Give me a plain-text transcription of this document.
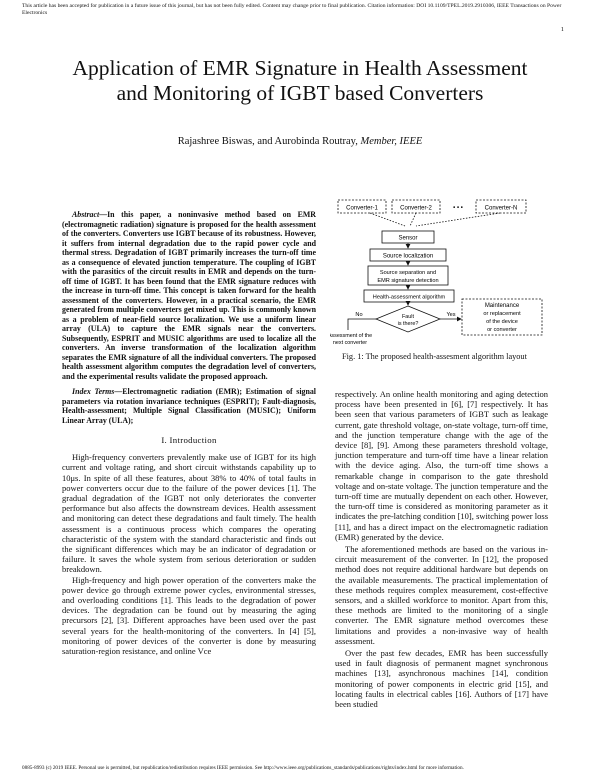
This article has been accepted for publication in a future issue of this journal, but has not been fully edited. Content may change prior to final publication. Citation information: DOI 10.1109/TPEL.2019.2910306, IEEE Transactions on Power Electronics
1
Application of EMR Signature in Health Assessment and Monitoring of IGBT based Converters
Rajashree Biswas, and Aurobinda Routray, Member, IEEE

Abstract—In this paper, a noninvasive method based on EMR (electromagnetic radiation) signature is proposed for the health assessment of the converters. Converters use IGBT because of its robustness. However, it suffers from internal degradation due to the rapid power cycle and thermal stress. Degradation of IGBT primarily increases the turn-off time as a consequence of elevated junction temperature. The coupling of IGBT with the parasitics of the circuit results in EMR and depends on the turn-off time of IGBT. It has been found that the EMR signature reduces with the increase in turn-off time. This concept is taken forward for the health assessment of the converters. However, in a practical scenario, the EMR generated from multiple converters get mixed up. This is commonly known as a problem of near-field source localization. We use a uniform linear array (ULA) to capture the EMR signals near the converters. Subsequently, ESPRIT and MUSIC algorithms are used to localize all the converters. An inverse transformation of the localization algorithm separates the EMR signature of all the individual converters. The proposed health assessment algorithm computes the degradation level of converters, and the experimental results validate the proposed approach.

Index Terms—Electromagnetic radiation (EMR); Estimation of signal parameters via rotation invariance techniques (ESPRIT); Fault-diagnosis, Health-assessment; Multiple Signal Classification (MUSIC); Uniform Linear Array (ULA);

I. Introduction

High-frequency converters prevalently make use of IGBT for its high current and voltage rating, and short circuit withstands capability up to 10μs. In spite of all these features, about 38% to 40% of total faults in power converters occur due to the failure of the power devices [1]. The gradual degradation of the IGBT not only deteriorates the converter performance but also affects the downstream devices. Health assessment and monitoring can detect these degradations and fault timely. The health assessment is a continuous process which compares the operating characteristic of the system with the standard characteristic and finds out the significant differences which may be an indicator of degradation or failure. It saves the whole system from serious deterioration or sudden breakdown.

High-frequency and high power operation of the converters make the power device go through extreme power cycles, environmental stresses, and overloading conditions [1]. This leads to the degradation of power devices. The degradation can be found out by measuring the aging precursors [2], [3]. Different approaches have been used over the past several years for the health-monitoring of the converters. In [4] [5], monitoring of power devices of the converter is done by measuring saturation-region resistance, and online Vce

Converter-1	Converter-2	• • •	Converter-N
Sensor
Source localization
Source separation and
EMR signature detection
Health-assessment algorithm
Fault
is there?
No	Yes
Maintenance
or replacement
of the device
or converter
Assessment of the
next converter
Fig. 1: The proposed health-assesment algorithm layout

respectively. An online health monitoring and aging detection process have been presented in [6], [7] respectively. It has been seen that various parameters of IGBT such as leakage current, gate threshold voltage, on-state voltage, turn-off time, and the junction temperature change with the age of the device [8], [9]. Among these parameters threshold voltage, junction temperature and turn-off time have a linear relation with the device aging. Also, the turn-off time shows a remarkable change in comparison to the gate threshold voltage and on-state voltage. The junction temperature and the turn-off time are mutually dependent on each other. However, the turn-off time is considered as monitoring parameter as it indicates the pre-latching condition [10], switching power loss [11], and has a direct impact on the electromagnetic radiation (EMR) generated by the device.

The aforementioned methods are based on the various in-circuit measurement of the converter. In [12], the proposed method does not require additional hardware but depends on the available measurements. The practical implementation of these methods requires complex measurement, cost-effective sensors, and a skilled workforce to monitor. Apart from this, these methods are limited to the monitoring of a single converter. The EMR signature method overcomes these limitations and provides a non-invasive way of health assessment.

Over the past few decades, EMR has been successfully used in fault diagnosis of permanent magnet synchronous machines [13], asynchronous machines [14], condition monitoring of power components in electric grid [15], and locating faults in electrical cables [16]. Authors of [17] have been studied

0885-8993 (c) 2019 IEEE. Personal use is permitted, but republication/redistribution requires IEEE permission. See http://www.ieee.org/publications_standards/publications/rights/index.html for more information.
